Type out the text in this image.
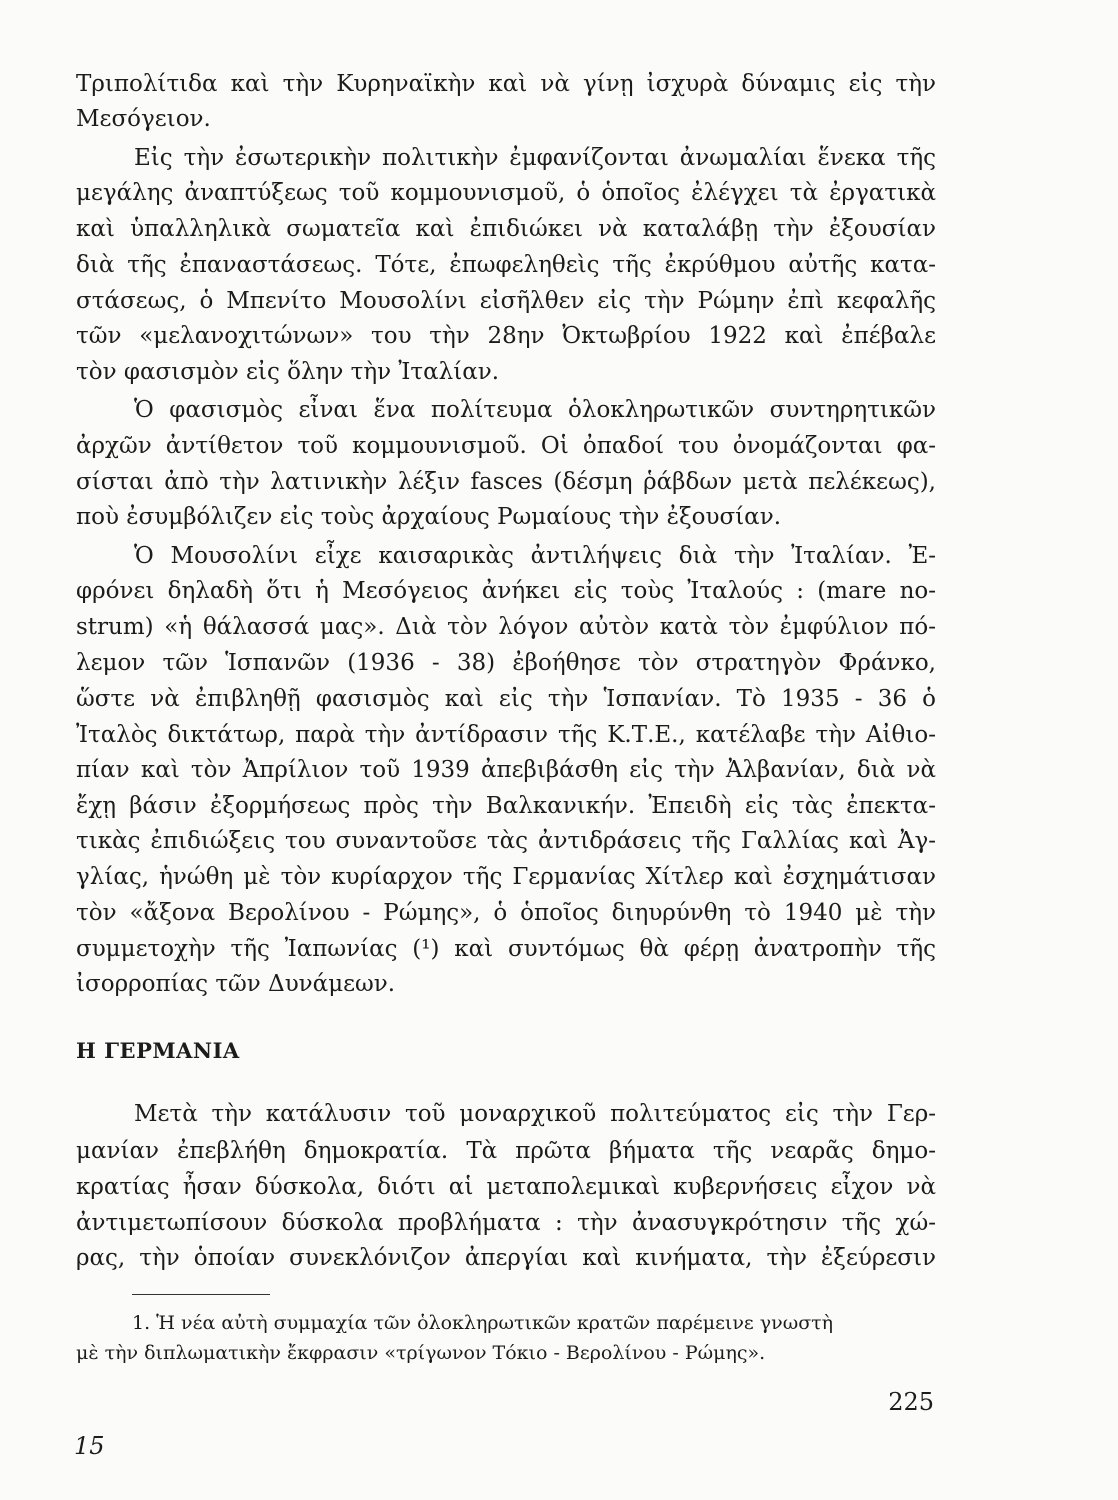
Τριπολίτιδα καὶ τὴν Κυρηναϊκὴν καὶ νὰ γίνῃ ἰσχυρὰ δύναμις εἰς τὴν
Μεσόγειον.
Εἰς τὴν ἐσωτερικὴν πολιτικὴν ἐμφανίζονται ἀνωμαλίαι ἕνεκα τῆς
μεγάλης ἀναπτύξεως τοῦ κομμουνισμοῦ, ὁ ὁποῖος ἐλέγχει τὰ ἐργατικὰ
καὶ ὑπαλληλικὰ σωματεῖα καὶ ἐπιδιώκει νὰ καταλάβῃ τὴν ἐξουσίαν
διὰ τῆς ἐπαναστάσεως. Τότε, ἐπωφεληθεὶς τῆς ἐκρύθμου αὐτῆς κατα-
στάσεως, ὁ Μπενίτο Μουσολίνι εἰσῆλθεν εἰς τὴν Ρώμην ἐπὶ κεφαλῆς
τῶν «μελανοχιτώνων» του τὴν 28ην Ὀκτωβρίου 1922 καὶ ἐπέβαλε
τὸν φασισμὸν εἰς ὅλην τὴν Ἰταλίαν.
Ὁ φασισμὸς εἶναι ἕνα πολίτευμα ὁλοκληρωτικῶν συντηρητικῶν
ἀρχῶν ἀντίθετον τοῦ κομμουνισμοῦ. Οἱ ὀπαδοί του ὀνομάζονται φα-
σίσται ἀπὸ τὴν λατινικὴν λέξιν fasces (δέσμη ῥάβδων μετὰ πελέκεως),
ποὺ ἐσυμβόλιζεν εἰς τοὺς ἀρχαίους Ρωμαίους τὴν ἐξουσίαν.
Ὁ Μουσολίνι εἶχε καισαρικὰς ἀντιλήψεις διὰ τὴν Ἰταλίαν. Ἐ-
φρόνει δηλαδὴ ὅτι ἡ Μεσόγειος ἀνήκει εἰς τοὺς Ἰταλούς : (mare no-
strum) «ἡ θάλασσά μας». Διὰ τὸν λόγον αὐτὸν κατὰ τὸν ἐμφύλιον πό-
λεμον τῶν Ἱσπανῶν (1936 - 38) ἐβοήθησε τὸν στρατηγὸν Φράνκο,
ὥστε νὰ ἐπιβληθῇ φασισμὸς καὶ εἰς τὴν Ἱσπανίαν. Τὸ 1935 - 36 ὁ
Ἰταλὸς δικτάτωρ, παρὰ τὴν ἀντίδρασιν τῆς Κ.Τ.Ε., κατέλαβε τὴν Αἰθιο-
πίαν καὶ τὸν Ἀπρίλιον τοῦ 1939 ἀπεβιβάσθη εἰς τὴν Ἀλβανίαν, διὰ νὰ
ἔχῃ βάσιν ἐξορμήσεως πρὸς τὴν Βαλκανικήν. Ἐπειδὴ εἰς τὰς ἐπεκτα-
τικὰς ἐπιδιώξεις του συναντοῦσε τὰς ἀντιδράσεις τῆς Γαλλίας καὶ Ἀγ-
γλίας, ἡνώθη μὲ τὸν κυρίαρχον τῆς Γερμανίας Χίτλερ καὶ ἐσχημάτισαν
τὸν «ἄξονα Βερολίνου - Ρώμης», ὁ ὁποῖος διηυρύνθη τὸ 1940 μὲ τὴν
συμμετοχὴν τῆς Ἰαπωνίας (¹) καὶ συντόμως θὰ φέρῃ ἀνατροπὴν τῆς
ἰσορροπίας τῶν Δυνάμεων.
Η ΓΕΡΜΑΝΙΑ
Μετὰ τὴν κατάλυσιν τοῦ μοναρχικοῦ πολιτεύματος εἰς τὴν Γερ-
μανίαν ἐπεβλήθη δημοκρατία. Τὰ πρῶτα βήματα τῆς νεαρᾶς δημο-
κρατίας ἦσαν δύσκολα, διότι αἱ μεταπολεμικαὶ κυβερνήσεις εἶχον νὰ
ἀντιμετωπίσουν δύσκολα προβλήματα : τὴν ἀνασυγκρότησιν τῆς χώ-
ρας, τὴν ὁποίαν συνεκλόνιζον ἀπεργίαι καὶ κινήματα, τὴν ἐξεύρεσιν
1. Ἡ νέα αὐτὴ συμμαχία τῶν ὁλοκληρωτικῶν κρατῶν παρέμεινε γνωστὴ
μὲ τὴν διπλωματικὴν ἔκφρασιν «τρίγωνον Τόκιο - Βερολίνου - Ρώμης».
225
15
